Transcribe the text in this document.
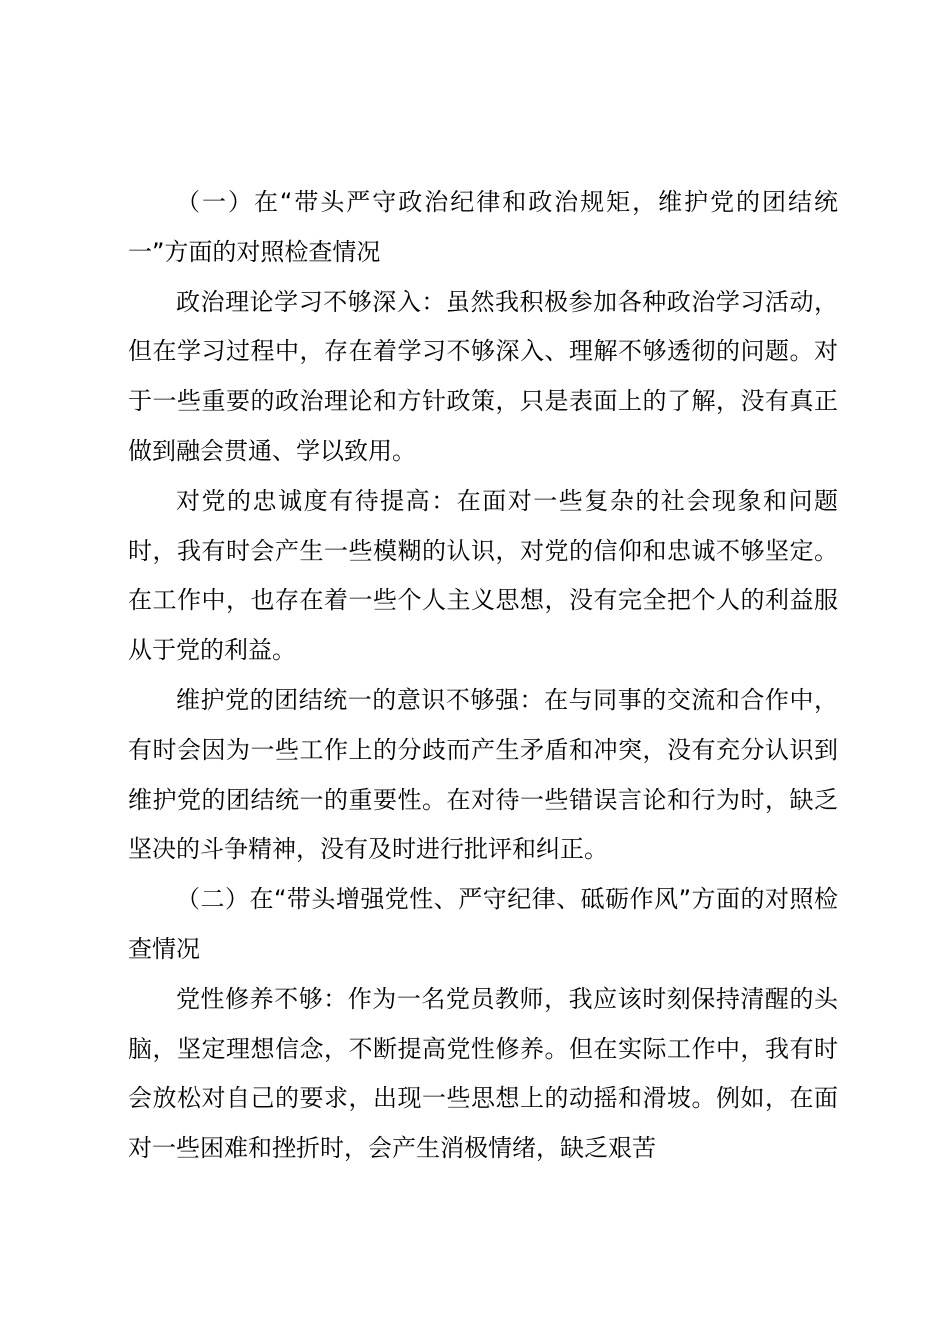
（一）在“带头严守政治纪律和政治规矩，维护党的团结统一”方面的对照检查情况

政治理论学习不够深入：虽然我积极参加各种政治学习活动，但在学习过程中，存在着学习不够深入、理解不够透彻的问题。对于一些重要的政治理论和方针政策，只是表面上的了解，没有真正做到融会贯通、学以致用。

对党的忠诚度有待提高：在面对一些复杂的社会现象和问题时，我有时会产生一些模糊的认识，对党的信仰和忠诚不够坚定。在工作中，也存在着一些个人主义思想，没有完全把个人的利益服从于党的利益。

维护党的团结统一的意识不够强：在与同事的交流和合作中，有时会因为一些工作上的分歧而产生矛盾和冲突，没有充分认识到维护党的团结统一的重要性。在对待一些错误言论和行为时，缺乏坚决的斗争精神，没有及时进行批评和纠正。

（二）在“带头增强党性、严守纪律、砥砺作风”方面的对照检查情况

党性修养不够：作为一名党员教师，我应该时刻保持清醒的头脑，坚定理想信念，不断提高党性修养。但在实际工作中，我有时会放松对自己的要求，出现一些思想上的动摇和滑坡。例如，在面对一些困难和挫折时，会产生消极情绪，缺乏艰苦
